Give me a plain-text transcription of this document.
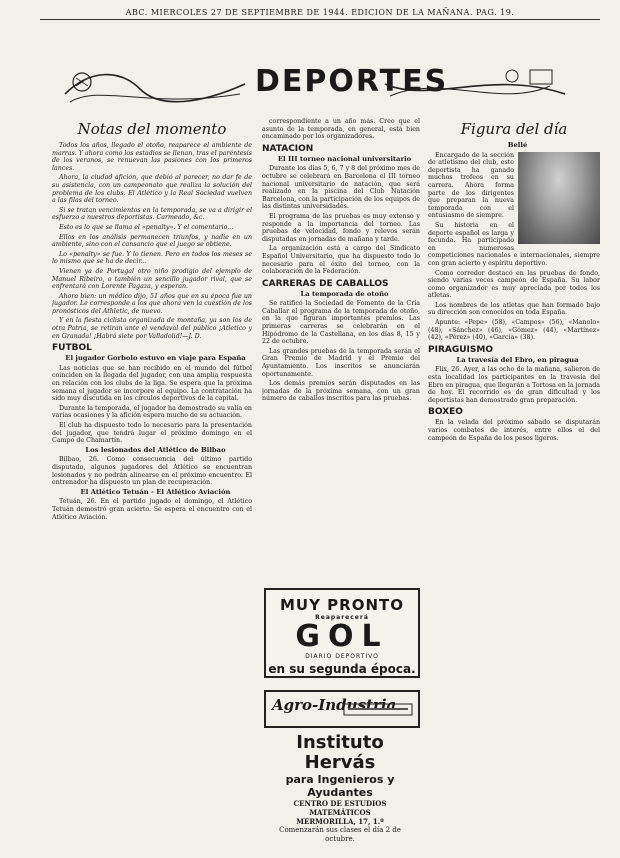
ABC. MIERCOLES 27 DE SEPTIEMBRE DE 1944. EDICION DE LA MAÑANA. PAG. 19.
DEPORTES
Notas del momento

Todos los años, llegado el otoño, reaparece el ambiente de marras. Y ahora como los estadios se llenan, tras el paréntesis de los veranos, se renuevan las pasiones con los primeros lances.

Ahora, la ciudad afición, que debió al parecer, no dar fe de su asistencia, con un campeonato que realiza la solución del problema de los clubs. El Atlético y la Real Sociedad vuelven a las filas del torneo.

Si se tratan vencimientos en la temporada, se va a dirigir el esfuerzo a nuestros deportistas. Carmeado, &c.

Esto es lo que se llama el «penalty». Y el comentario...

Ellos en los análisis permanecen triunfos, y nadie en un ambiente, sino con el cansancio que el juego se obtiene.

Lo «penalty» se fue. Y lo tienen. Pero en todos los meses se lo mismo que se ha de decir...

Vienen ya de Portugal otro niño prodigio del ejemplo de Manuel Ribeiro, o también un sencillo jugador rival, que se enfrentará con Lorente Pagaza, y esperan.

Ahora bien: un médico dijo, 51 años que en su época fue un jugador. Le corresponde a los que ahora ven la cuestión de los pronósticos del Athletic, de nuevo.

Y en la fiesta ciclista organizada de montaña, ya son los de otra Patria, se retiran ante el vendaval del público ¡Atletico y en Granada! ¡Habrá siete por Valladolid!—J. D.

FUTBOL

El jugador Gorbolo estuvo en viaje para España

Las noticias que se han recibido en el mundo del fútbol coinciden en la llegada del jugador, con una amplia respuesta en relación con los clubs de la liga. Se espera que la próxima semana el jugador se incorpore al equipo. La contratación ha sido muy discutida en los círculos deportivos de la capital.

Durante la temporada, el jugador ha demostrado su valía en varias ocasiones y la afición espera mucho de su actuación.

El club ha dispuesto todo lo necesario para la presentación del jugador, que tendrá lugar el próximo domingo en el Campo de Chamartín.

Los lesionados del Atlético de Bilbao

Bilbao, 26. Como consecuencia del último partido disputado, algunos jugadores del Atlético se encuentran lesionados y no podrán alinearse en el próximo encuentro. El entrenador ha dispuesto un plan de recuperación.

El Atlético Tetuán - El Atlético Aviación

Tetuán, 26. En el partido jugado el domingo, el Atlético Tetuán demostró gran acierto. Se espera el encuentro con el Atlético Aviación.

correspondiente a un año más. Creo que el asunto de la temporada, en general, está bien encaminado por los organizadores.

NATACION

El III torneo nacional universitario

Durante los días 5, 6, 7 y 8 del próximo mes de octubre se celebrará en Barcelona el III torneo nacional universitario de natación, que será realizado en la piscina del Club Natación Barcelona, con la participación de los equipos de las distintas universidades.

El programa de las pruebas es muy extenso y responde a la importancia del torneo. Las pruebas de velocidad, fondo y relevos serán disputadas en jornadas de mañana y tarde.

La organización está a cargo del Sindicato Español Universitario, que ha dispuesto todo lo necesario para el éxito del torneo, con la colaboración de la Federación.

CARRERAS DE CABALLOS

La temporada de otoño

Se ratificó la Sociedad de Fomento de la Cría Caballar el programa de la temporada de otoño, en la que figuran importantes premios. Las primeras carreras se celebrarán en el Hipódromo de la Castellana, en los días 8, 15 y 22 de octubre.

Las grandes pruebas de la temporada serán el Gran Premio de Madrid y el Premio del Ayuntamiento. Los inscritos se anunciarán oportunamente.

Los demás premios serán disputados en las jornadas de la próxima semana, con un gran número de caballos inscritos para las pruebas.

MUY PRONTO
Reaparecerá
GOL
DIARIO DEPORTIVO
en su segunda época.
Agro-Industria
Instituto Hervás
para Ingenieros y Ayudantes
CENTRO DE ESTUDIOS MATEMÁTICOS
MERMORILLA, 17, 1.º
Comenzarán sus clases el día 2 de octubre.
Figura del día

Bellé

Encargado de la sección de atletismo del club, este deportista ha ganado muchos trofeos en su carrera. Ahora forma parte de los dirigentes que preparan la nueva temporada con el entusiasmo de siempre.

Su historia en el deporte español es larga y fecunda. Ha participado en numerosas competiciones nacionales e internacionales, siempre con gran acierto y espíritu deportivo.

Como corredor destacó en las pruebas de fondo, siendo varias veces campeón de España. Su labor como organizador es muy apreciada por todos los atletas.

Los nombres de los atletas que han formado bajo su dirección son conocidos en toda España.

Apunte: «Pepe» (58), «Campos» (56), «Manolo» (48), «Sánchez» (46), «Gómez» (44), «Martínez» (42), «Pérez» (40), «García» (38).

PIRAGUISMO

La travesía del Ebro, en piragua

Flix, 26. Ayer, a las ocho de la mañana, salieron de esta localidad los participantes en la travesía del Ebro en piragua, que llegarán a Tortosa en la jornada de hoy. El recorrido es de gran dificultad y los deportistas han demostrado gran preparación.

BOXEO

En la velada del próximo sábado se disputarán varios combates de interés, entre ellos el del campeón de España de los pesos ligeros.
